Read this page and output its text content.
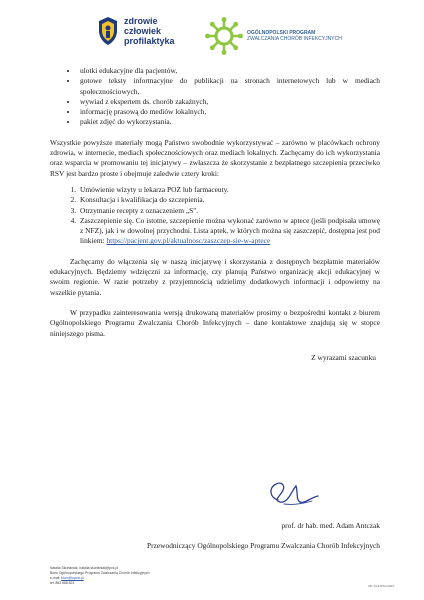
zdrowie
człowiek
profilaktyka
OGÓLNOPOLSKI PROGRAM
ZWALCZANIA CHORÓB INFEKCYJNYCH
• ulotki edukacyjne dla pacjentów,
• gotowe teksty informacyjne do publikacji na stronach internetowych lub w mediach społecznościowych,
• wywiad z ekspertem ds. chorób zakaźnych,
• informację prasową do mediów lokalnych,
• pakiet zdjęć do wykorzystania.

Wszystkie powyższe materiały mogą Państwo swobodnie wykorzystywać – zarówno w placówkach ochrony zdrowia, w internecie, mediach społecznościowych oraz mediach lokalnych. Zachęcamy do ich wykorzystania oraz wsparcia w promowaniu tej inicjatywy – zwłaszcza że skorzystanie z bezpłatnego szczepienia przeciwko RSV jest bardzo proste i obejmuje zaledwie cztery kroki:

1. Umówienie wizyty u lekarza POZ lub farmaceuty.
2. Konsultacja i kwalifikacja do szczepienia.
3. Otrzymanie recepty z oznaczeniem „S".
4. Zaszczepienie się. Co istotne, szczepienie można wykonać zarówno w aptece (jeśli podpisała umowę z NFZ), jak i w dowolnej przychodni. Lista aptek, w których można się zaszczepić, dostępna jest pod linkiem: https://pacjent.gov.pl/aktualnosc/zaszczep-sie-w-aptece

Zachęcamy do włączenia się w naszą inicjatywę i skorzystania z dostępnych bezpłatnie materiałów edukacyjnych. Będziemy wdzięczni za informację, czy planują Państwo organizację akcji edukacyjnej w swoim regionie. W razie potrzeby z przyjemnością udzielimy dodatkowych informacji i odpowiemy na wszelkie pytania.

W przypadku zainteresowania wersją drukowaną materiałów prosimy o bezpośredni kontakt z biurem Ogólnopolskiego Programu Zwalczania Chorób Infekcyjnych – dane kontaktowe znajdują się w stopce niniejszego pisma.

Z wyrazami szacunku

prof. dr hab. med. Adam Antczak
Przewodniczący Ogólnopolskiego Programu Zwalczania Chorób Infekcyjnych
Natalia Skurtaniak, natalia.skurtaniak@pcs.pl
Biuro Ogólnopolskiego Programu Zwalczania Chorób Infekcyjnych
e-mail: biuro@opzci.pl
tel. 883 688 823
OP-1/24-RSV-2024
